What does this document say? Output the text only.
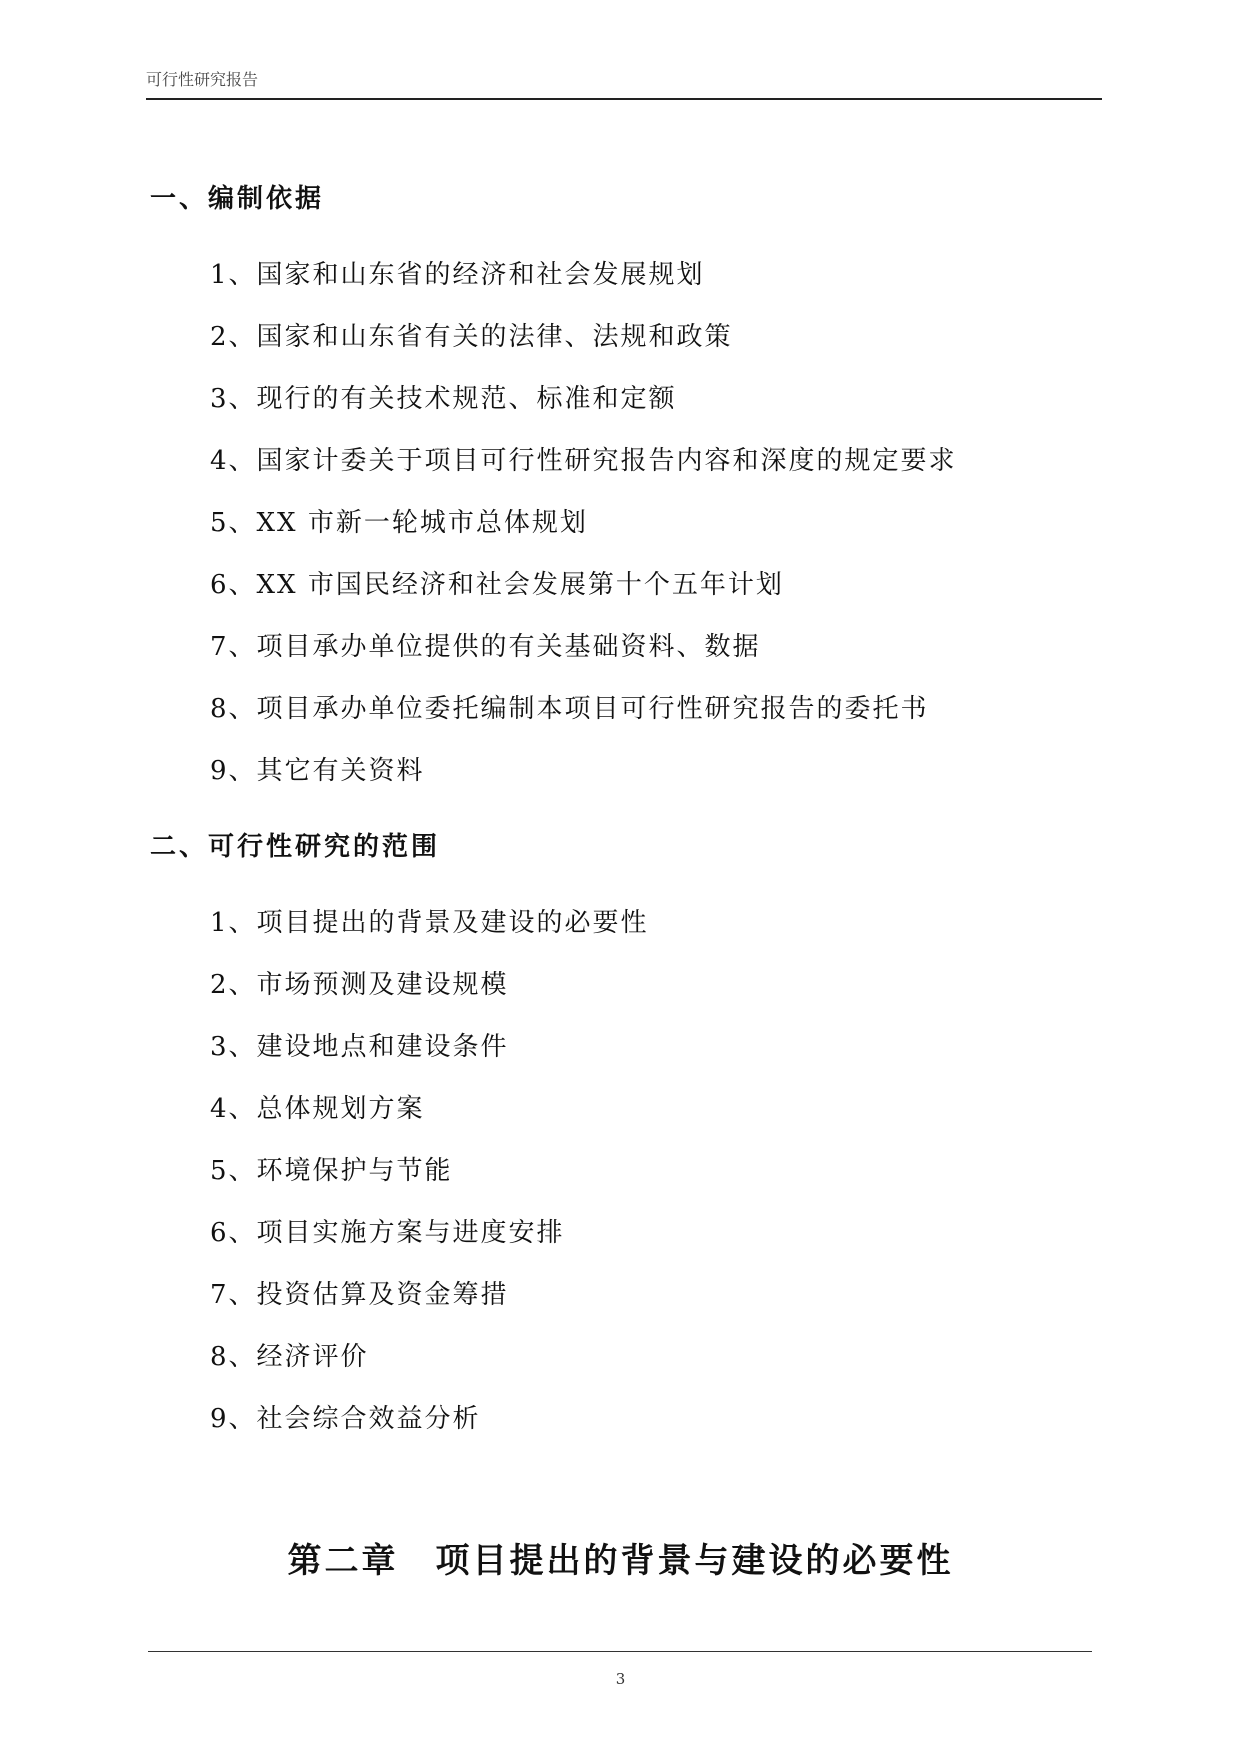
可行性研究报告
一、编制依据
1、国家和山东省的经济和社会发展规划
2、国家和山东省有关的法律、法规和政策
3、现行的有关技术规范、标准和定额
4、国家计委关于项目可行性研究报告内容和深度的规定要求
5、XX 市新一轮城市总体规划
6、XX 市国民经济和社会发展第十个五年计划
7、项目承办单位提供的有关基础资料、数据
8、项目承办单位委托编制本项目可行性研究报告的委托书
9、其它有关资料
二、可行性研究的范围
1、项目提出的背景及建设的必要性
2、市场预测及建设规模
3、建设地点和建设条件
4、总体规划方案
5、环境保护与节能
6、项目实施方案与进度安排
7、投资估算及资金筹措
8、经济评价
9、社会综合效益分析
第二章　项目提出的背景与建设的必要性
3
